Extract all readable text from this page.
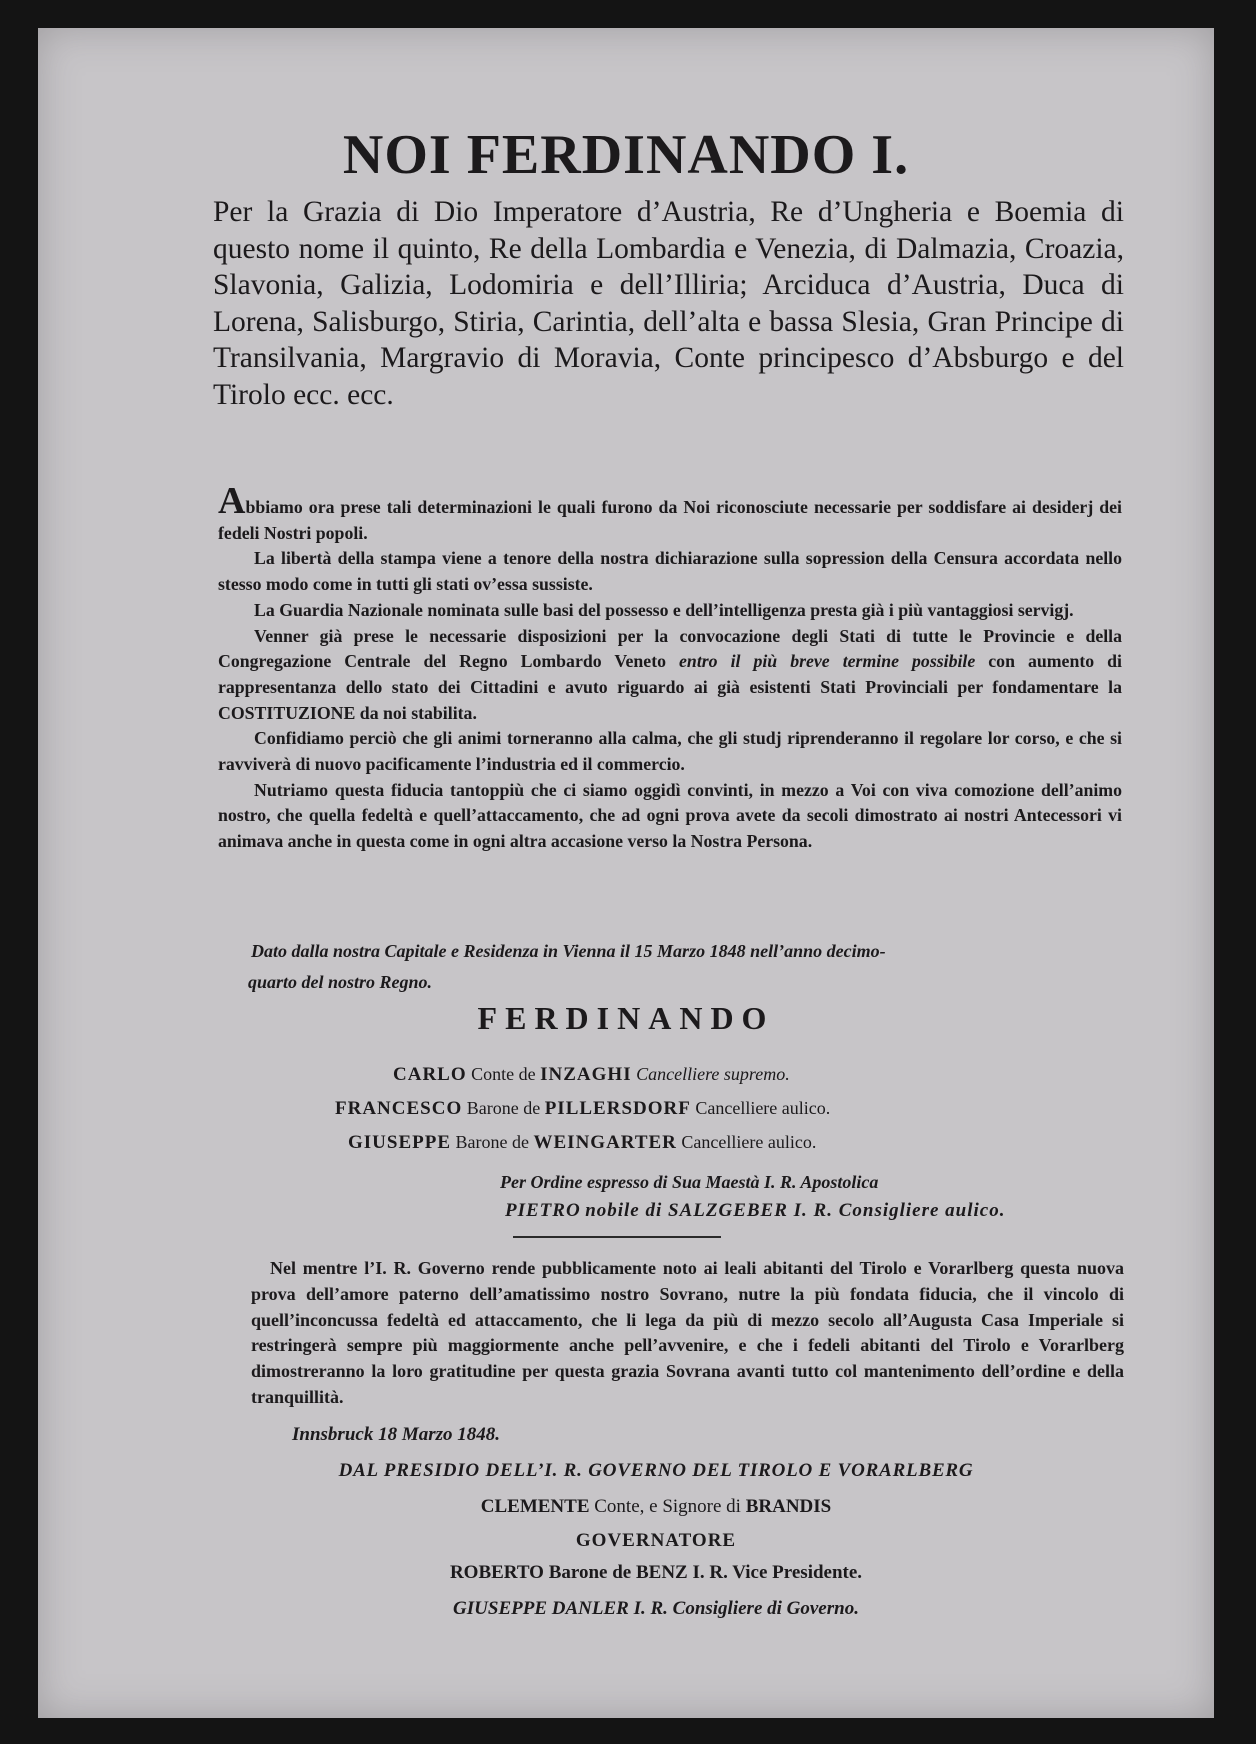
NOI FERDINANDO I.
Per la Grazia di Dio Imperatore d’Austria, Re d’Ungheria e Boemia di questo nome il quinto, Re della Lombardia e Venezia, di Dalmazia, Croazia, Slavonia, Galizia, Lodomiria e dell’Illiria; Arciduca d’Austria, Duca di Lorena, Salisburgo, Stiria, Carintia, dell’alta e bassa Slesia, Gran Principe di Transilvania, Margravio di Moravia, Conte principesco d’Absburgo e del Tirolo ecc. ecc.

Abbiamo ora prese tali determinazioni le quali furono da Noi riconosciute necessarie per soddisfare ai desiderj dei fedeli Nostri popoli.

La libertà della stampa viene a tenore della nostra dichiarazione sulla sopression della Censura accordata nello stesso modo come in tutti gli stati ov’essa sussiste.

La Guardia Nazionale nominata sulle basi del possesso e dell’intelligenza presta già i più vantaggiosi servigj.

Venner già prese le necessarie disposizioni per la convocazione degli Stati di tutte le Provincie e della Congregazione Centrale del Regno Lombardo Veneto entro il più breve termine possibile con aumento di rappresentanza dello stato dei Cittadini e avuto riguardo ai già esistenti Stati Provinciali per fondamentare la COSTITUZIONE da noi stabilita.

Confidiamo perciò che gli animi torneranno alla calma, che gli studj riprenderanno il regolare lor corso, e che si ravviverà di nuovo pacificamente l’industria ed il commercio.

Nutriamo questa fiducia tantoppiù che ci siamo oggidì convinti, in mezzo a Voi con viva comozione dell’animo nostro, che quella fedeltà e quell’attaccamento, che ad ogni prova avete da secoli dimostrato ai nostri Antecessori vi animava anche in questa come in ogni altra accasione verso la Nostra Persona.

Dato dalla nostra Capitale e Residenza in Vienna il 15 Marzo 1848 nell’anno decimo-
quarto del nostro Regno.
FERDINANDO
CARLO Conte de INZAGHI Cancelliere supremo.
FRANCESCO Barone de PILLERSDORF Cancelliere aulico.
GIUSEPPE Barone de WEINGARTER Cancelliere aulico.
Per Ordine espresso di Sua Maestà I. R. Apostolica
PIETRO nobile di SALZGEBER I. R. Consigliere aulico.

Nel mentre l’I. R. Governo rende pubblicamente noto ai leali abitanti del Tirolo e Vorarlberg questa nuova prova dell’amore paterno dell’amatissimo nostro Sovrano, nutre la più fondata fiducia, che il vincolo di quell’inconcussa fedeltà ed attaccamento, che li lega da più di mezzo secolo all’Augusta Casa Imperiale si restringerà sempre più maggiormente anche pell’avvenire, e che i fedeli abitanti del Tirolo e Vorarlberg dimostreranno la loro gratitudine per questa grazia Sovrana avanti tutto col mantenimento dell’ordine e della tranquillità.

Innsbruck 18 Marzo 1848.
DAL PRESIDIO DELL’I. R. GOVERNO DEL TIROLO E VORARLBERG
CLEMENTE Conte, e Signore di BRANDIS
GOVERNATORE
ROBERTO Barone de BENZ I. R. Vice Presidente.
GIUSEPPE DANLER I. R. Consigliere di Governo.
